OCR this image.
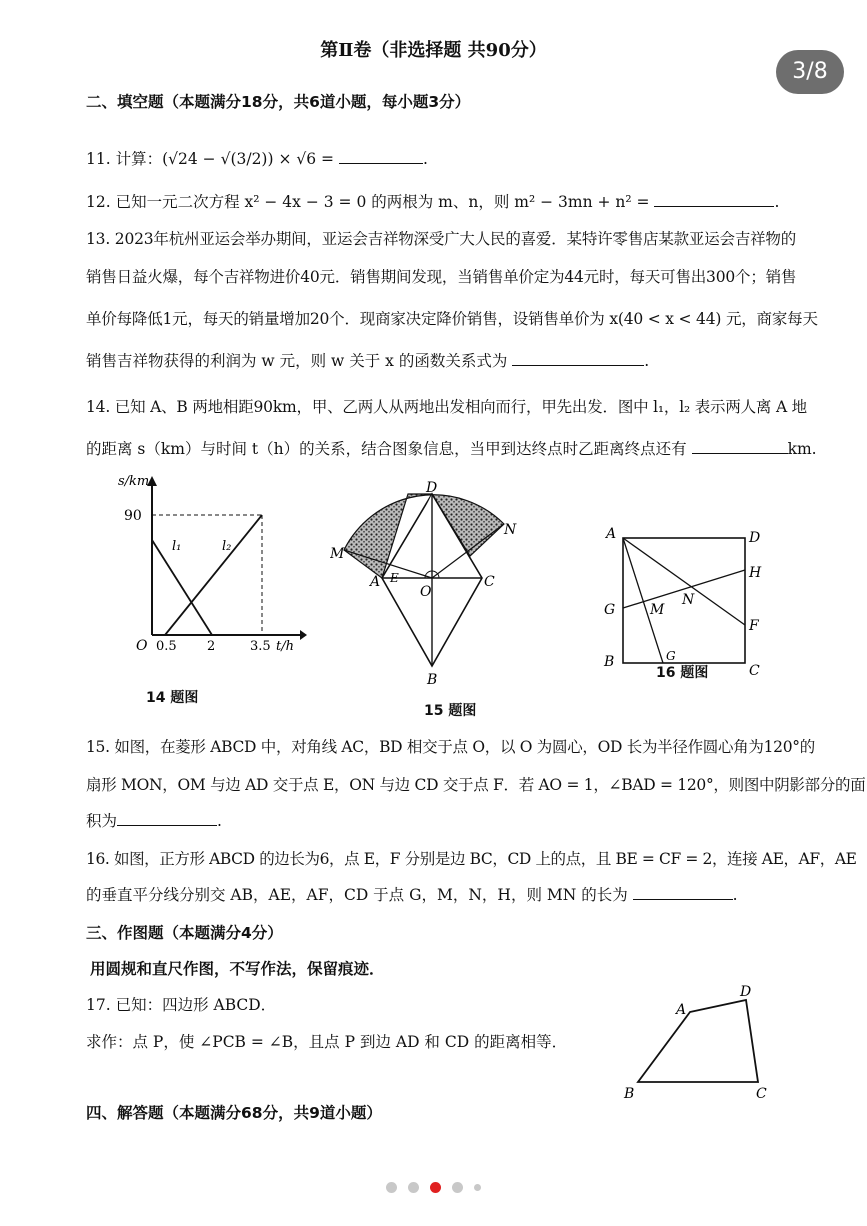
第Ⅱ卷（非选择题 共90分）
3/8
二、填空题（本题满分18分，共6道小题，每小题3分）
11. 计算：(√24 − √(3/2)) × √6 =	.
12. 已知一元二次方程 x² − 4x − 3 = 0 的两根为 m、n，则 m² − 3mn + n² =	.
13. 2023年杭州亚运会举办期间，亚运会吉祥物深受广大人民的喜爱．某特许零售店某款亚运会吉祥物的
销售日益火爆，每个吉祥物进价40元．销售期间发现，当销售单价定为44元时，每天可售出300个；销售
单价每降低1元，每天的销量增加20个．现商家决定降价销售，设销售单价为 x(40 < x < 44) 元，商家每天
销售吉祥物获得的利润为 w 元，则 w 关于 x 的函数关系式为	.
14. 已知 A、B 两地相距90km，甲、乙两人从两地出发相向而行，甲先出发．图中 l₁，l₂ 表示两人离 A 地
的距离 s（km）与时间 t（h）的关系，结合图象信息，当甲到达终点时乙距离终点还有	km.
s/km
90
O 0.5 2	3.5 t/h
l₁	l₂
14 题图
D
M
N
A E
O
C
B
15 题图
A	D
H
G M
N
F
B
C
G
16 题图
15. 如图，在菱形 ABCD 中，对角线 AC，BD 相交于点 O，以 O 为圆心，OD 长为半径作圆心角为120°的
扇形 MON，OM 与边 AD 交于点 E，ON 与边 CD 交于点 F．若 AO = 1，∠BAD = 120°，则图中阴影部分的面
积为	.
16. 如图，正方形 ABCD 的边长为6，点 E，F 分别是边 BC，CD 上的点，且 BE = CF = 2，连接 AE，AF，AE
的垂直平分线分别交 AB，AE，AF，CD 于点 G，M，N，H，则 MN 的长为	.
三、作图题（本题满分4分）
用圆规和直尺作图，不写作法，保留痕迹．
17. 已知：四边形 ABCD．
求作：点 P，使 ∠PCB = ∠B，且点 P 到边 AD 和 CD 的距离相等．
A
D
B	C
四、解答题（本题满分68分，共9道小题）
